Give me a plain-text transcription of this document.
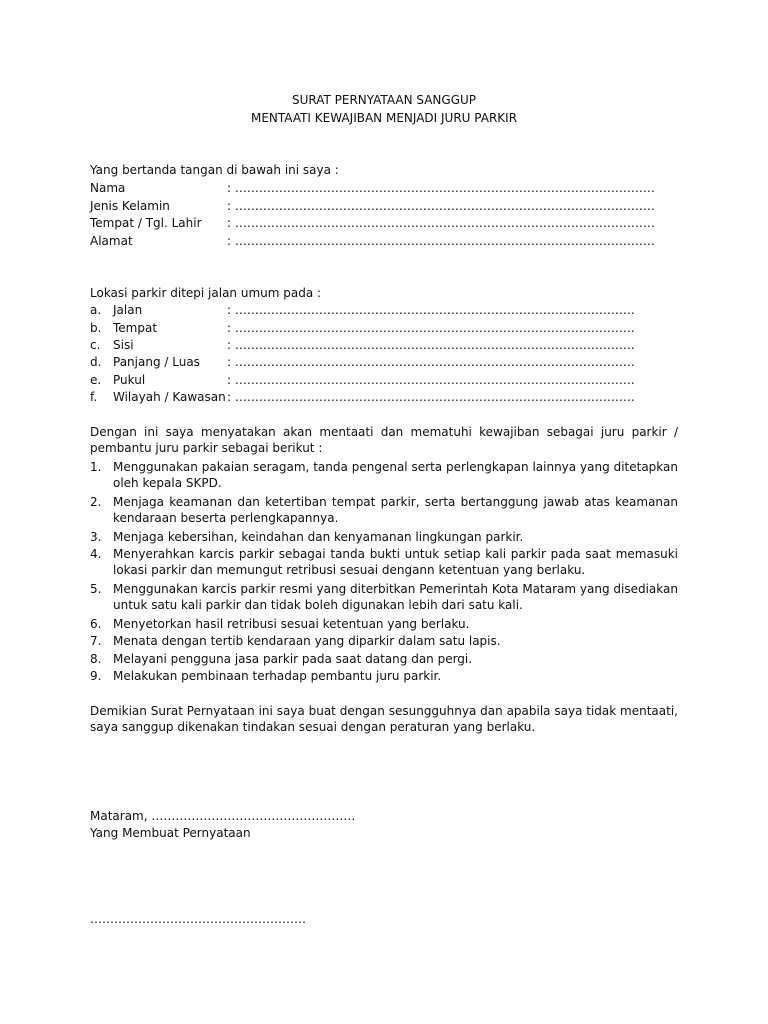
SURAT PERNYATAAN SANGGUP

MENTAATI KEWAJIBAN MENJADI JURU PARKIR

Yang bertanda tangan di bawah ini saya :

Nama	: ……………………………………………………………………………………………

Jenis Kelamin	: ……………………………………………………………………………………………

Tempat / Tgl. Lahir : ……………………………………………………………………………………………

Alamat	: ……………………………………………………………………………………………

Lokasi parkir ditepi jalan umum pada :

a. Jalan	: ……………………………………………………………………………………….

b. Tempat	: ……………………………………………………………………………………….

c. Sisi	: ……………………………………………………………………………………….

d. Panjang / Luas : ……………………………………………………………………………………….

e. Pukul	: ……………………………………………………………………………………….

f. Wilayah / Kawasan : ……………………………………………………………………………………….

Dengan ini saya menyatakan akan mentaati dan mematuhi kewajiban sebagai juru parkir / pembantu juru parkir sebagai berikut :

1. Menggunakan pakaian seragam, tanda pengenal serta perlengkapan lainnya yang ditetapkan oleh kepala SKPD.

2. Menjaga keamanan dan ketertiban tempat parkir, serta bertanggung jawab atas keamanan kendaraan beserta perlengkapannya.

3. Menjaga kebersihan, keindahan dan kenyamanan lingkungan parkir.

4. Menyerahkan karcis parkir sebagai tanda bukti untuk setiap kali parkir pada saat memasuki lokasi parkir dan memungut retribusi sesuai dengann ketentuan yang berlaku.

5. Menggunakan karcis parkir resmi yang diterbitkan Pemerintah Kota Mataram yang disediakan untuk satu kali parkir dan tidak boleh digunakan lebih dari satu kali.

6. Menyetorkan hasil retribusi sesuai ketentuan yang berlaku.

7. Menata dengan tertib kendaraan yang diparkir dalam satu lapis.

8. Melayani pengguna jasa parkir pada saat datang dan pergi.

9. Melakukan pembinaan terhadap pembantu juru parkir.

Demikian Surat Pernyataan ini saya buat dengan sesungguhnya dan apabila saya tidak mentaati, saya sanggup dikenakan tindakan sesuai dengan peraturan yang berlaku.

Mataram, ……………………………………………

Yang Membuat Pernyataan

………………………………………………
